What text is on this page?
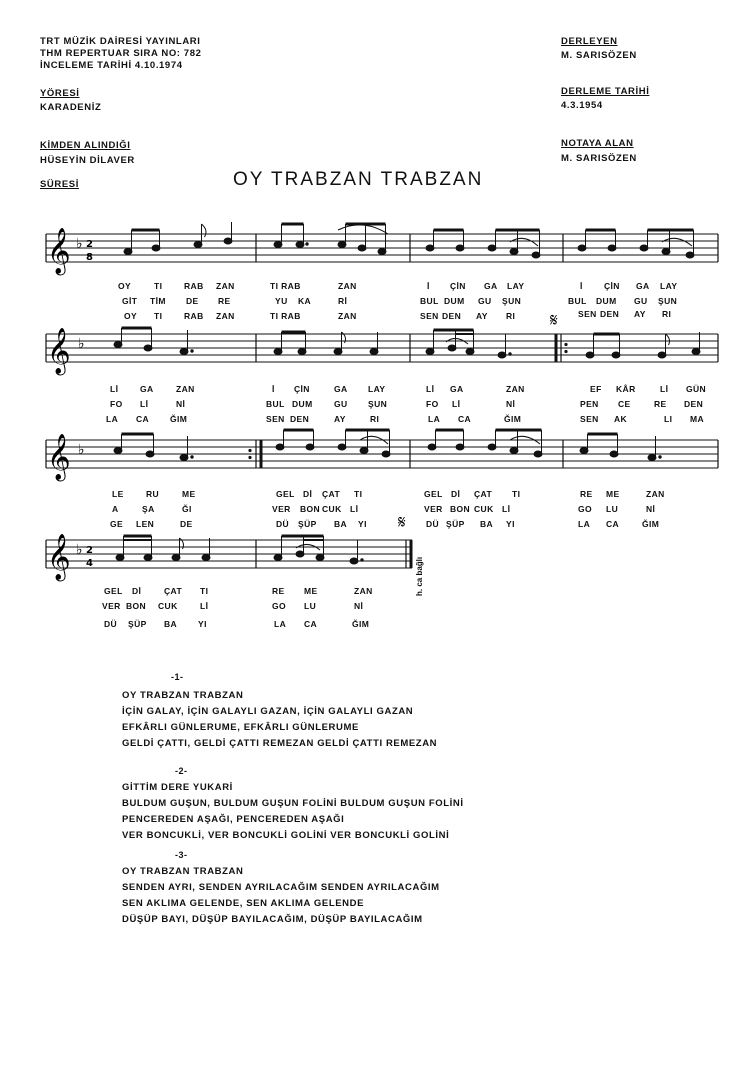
TRT MÜZİK DAİRESİ YAYINLARI
THM REPERTUAR SIRA NO: 782
İNCELEME TARİHİ 4.10.1974
YÖRESİ
KARADENİZ
KİMDEN ALINDIĞI
HÜSEYİN DİLAVER
SÜRESİ
DERLEYEN
M. SARISÖZEN
DERLEME TARİHİ
4.3.1954
NOTAYA ALAN
M. SARISÖZEN
OY TRABZAN TRABZAN
𝄞 ♭ 2
8
OY	TI	RAB ZAN	TI RAB	ZAN	İ ÇİN GA LAY	İ ÇİN GA LAY
GİT TİM DE RE	YU KA	Rİ	BUL DUM GU ŞUN	BUL DUM GU ŞUN
OY TI	RAB ZAN	TI RAB	ZAN	SEN DEN AY RI	SEN DEN AY RI
𝄋
𝄞 ♭
Lİ	GA	ZAN	İ ÇİN	GA LAY	Lİ GA	ZAN	EF KÂR	Lİ GÜN
FO Lİ	Nİ	BUL DUM	GU ŞUN	FO Lİ	Nİ	PEN CE	RE DEN
LA CA ĞIM	SEN DEN	AY	RI	LA CA	ĞIM	SEN AK	LI MA
𝄞 ♭
LE	RU	ME	GEL Dİ ÇAT TI	GEL Dİ ÇAT TI	RE ME	ZAN
A	ŞA	ĞI	VER BON CUK Lİ	VER BON CUK Lİ	GO LU	Nİ
GE LEN	DE	DÜ ŞÜP BA YI	DÜ ŞÜP BA YI	LA CA	ĞIM
𝄋
𝄞 ♭ 2
4	h. ca bağlı
GEL Dİ	ÇAT TI	RE ME	ZAN
VER BON CUK	Lİ	GO LU	Nİ
DÜ ŞÜP BA YI	LA CA	ĞIM
-1-
OY TRABZAN TRABZAN
İÇİN GALAY, İÇİN GALAYLI GAZAN, İÇİN GALAYLI GAZAN
EFKÂRLI GÜNLERUME, EFKÂRLI GÜNLERUME
GELDİ ÇATTI, GELDİ ÇATTI REMEZAN GELDİ ÇATTI REMEZAN
-2-
GİTTİM DERE YUKARİ
BULDUM GUŞUN, BULDUM GUŞUN FOLİNİ BULDUM GUŞUN FOLİNİ
PENCEREDEN AŞAĞI, PENCEREDEN AŞAĞI
VER BONCUKLİ, VER BONCUKLİ GOLİNİ VER BONCUKLİ GOLİNİ
-3-
OY TRABZAN TRABZAN
SENDEN AYRI, SENDEN AYRILACAĞIM SENDEN AYRILACAĞIM
SEN AKLIMA GELENDE, SEN AKLIMA GELENDE
DÜŞÜP BAYI, DÜŞÜP BAYILACAĞIM, DÜŞÜP BAYILACAĞIM
